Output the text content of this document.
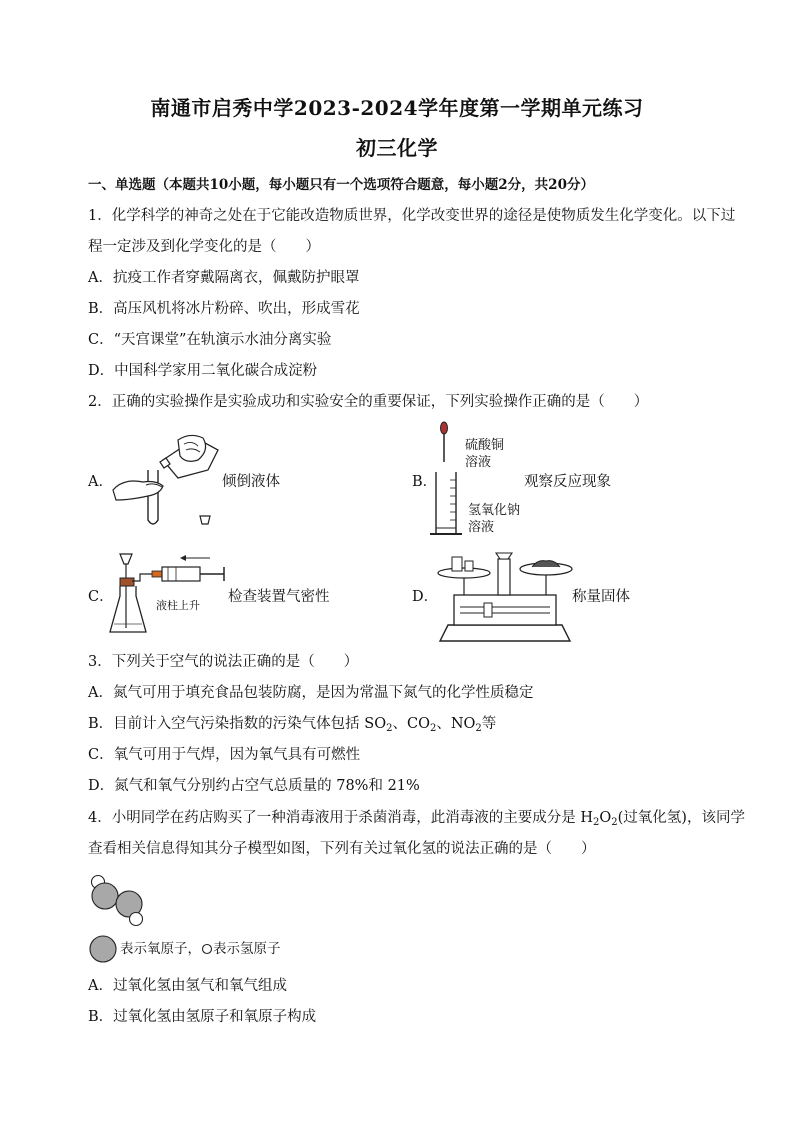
南通市启秀中学2023-2024学年度第一学期单元练习
初三化学
一、单选题（本题共10小题，每小题只有一个选项符合题意，每小题2分，共20分）
1．化学科学的神奇之处在于它能改造物质世界，化学改变世界的途径是使物质发生化学变化。以下过
程一定涉及到化学变化的是（　　）
A．抗疫工作者穿戴隔离衣，佩戴防护眼罩
B．高压风机将冰片粉碎、吹出，形成雪花
C．“天宫课堂”在轨演示水油分离实验
D．中国科学家用二氧化碳合成淀粉
2．正确的实验操作是实验成功和实验安全的重要保证，下列实验操作正确的是（　　）
A．	倾倒液体	B．
硫酸铜
溶液
氢氧化钠
溶液
观察反应现象
C．
液柱上升
检查装置气密性	D．	称量固体
3．下列关于空气的说法正确的是（　　）
A．氮气可用于填充食品包装防腐，是因为常温下氮气的化学性质稳定
B．目前计入空气污染指数的污染气体包括 $SO_2$、$CO_2$、$NO_2$等
C．氧气可用于气焊，因为氧气具有可燃性
D．氮气和氧气分别约占空气总质量的 78%和 21%
4．小明同学在药店购买了一种消毒液用于杀菌消毒，此消毒液的主要成分是 $H_2O_2$(过氧化氢)，该同学
查看相关信息得知其分子模型如图，下列有关过氧化氢的说法正确的是（　　）
表示氧原子， 表示氢原子
A．过氧化氢由氢气和氧气组成
B．过氧化氢由氢原子和氧原子构成
